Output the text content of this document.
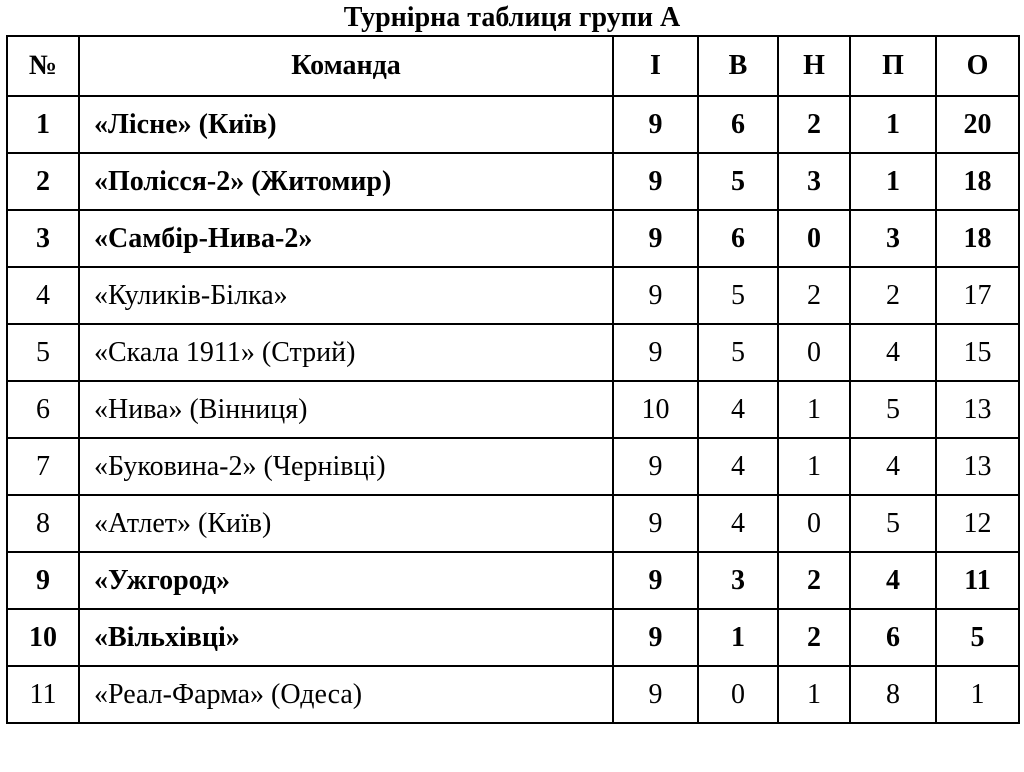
Турнірна таблиця групи А
№	Команда	І	В	Н	П	О
1	«Лісне» (Київ)	9	6	2	1	20
2	«Полісся-2» (Житомир)	9	5	3	1	18
3	«Самбір-Нива-2»	9	6	0	3	18
4	«Куликів-Білка»	9	5	2	2	17
5	«Скала 1911» (Стрий)	9	5	0	4	15
6	«Нива» (Вінниця)	10	4	1	5	13
7	«Буковина-2» (Чернівці)	9	4	1	4	13
8	«Атлет» (Київ)	9	4	0	5	12
9	«Ужгород»	9	3	2	4	11
10	«Вільхівці»	9	1	2	6	5
11	«Реал-Фарма» (Одеса)	9	0	1	8	1
